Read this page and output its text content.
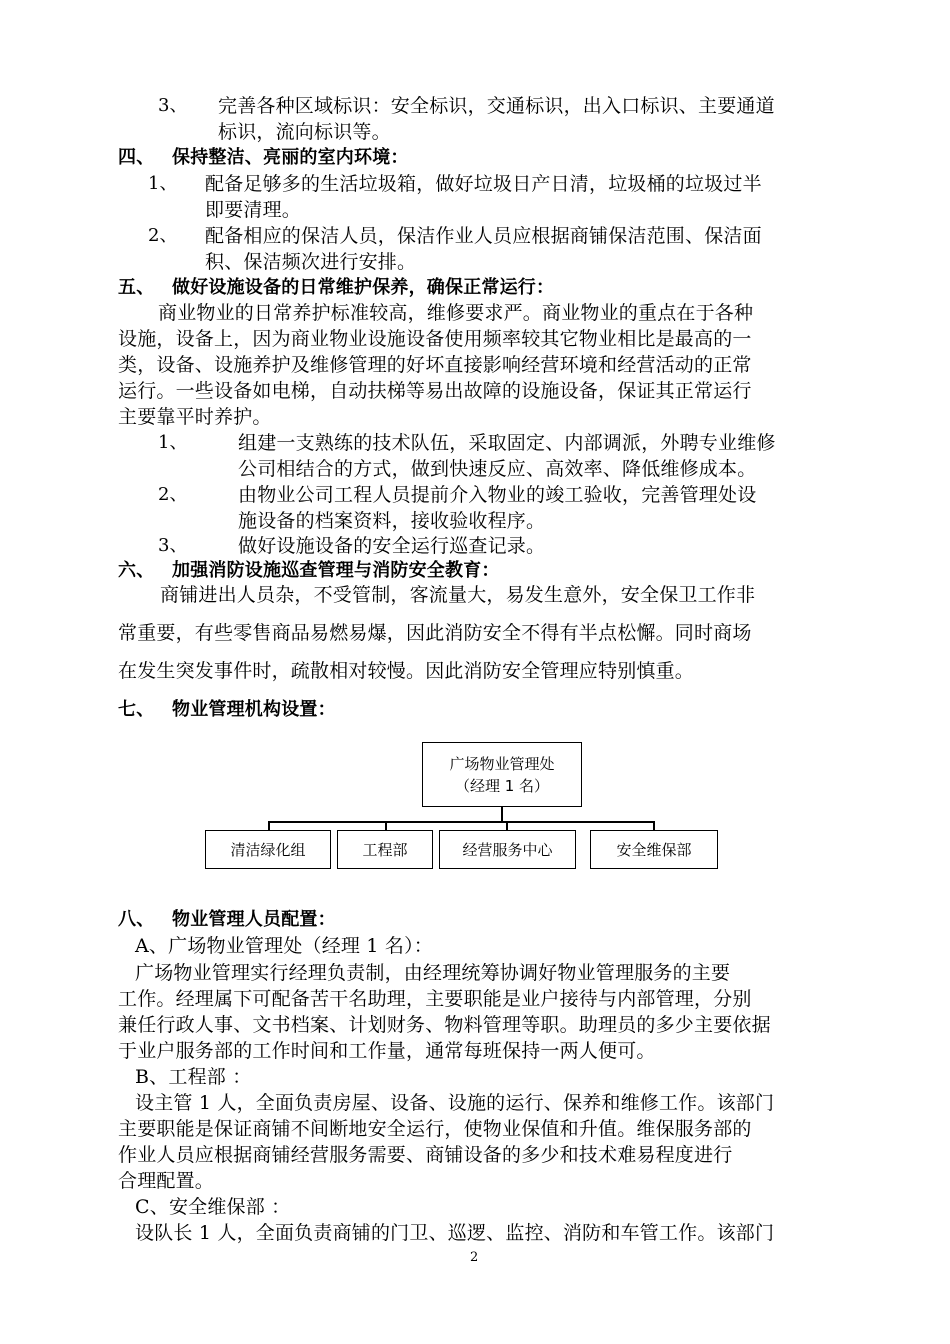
3、 完善各种区域标识：安全标识，交通标识，出入口标识、主要通道
标识，流向标识等。
四、 保持整洁、亮丽的室内环境：
1、 配备足够多的生活垃圾箱，做好垃圾日产日清，垃圾桶的垃圾过半
即要清理。
2、 配备相应的保洁人员，保洁作业人员应根据商铺保洁范围、保洁面
积、保洁频次进行安排。
五、 做好设施设备的日常维护保养，确保正常运行：
商业物业的日常养护标准较高，维修要求严。商业物业的重点在于各种
设施，设备上，因为商业物业设施设备使用频率较其它物业相比是最高的一
类，设备、设施养护及维修管理的好坏直接影响经营环境和经营活动的正常
运行。一些设备如电梯，自动扶梯等易出故障的设施设备，保证其正常运行
主要靠平时养护。
1、	组建一支熟练的技术队伍，采取固定、内部调派，外聘专业维修
公司相结合的方式，做到快速反应、高效率、降低维修成本。
2、	由物业公司工程人员提前介入物业的竣工验收，完善管理处设
施设备的档案资料，接收验收程序。
3、	做好设施设备的安全运行巡查记录。
六、 加强消防设施巡查管理与消防安全教育：
商铺进出人员杂，不受管制，客流量大，易发生意外，安全保卫工作非
常重要，有些零售商品易燃易爆，因此消防安全不得有半点松懈。同时商场
在发生突发事件时，疏散相对较慢。因此消防安全管理应特别慎重。
七、 物业管理机构设置：
广场物业管理处
（经理 1 名）
清洁绿化组	工程部	经营服务中心	安全维保部
八、 物业管理人员配置：
A、广场物业管理处（经理 1 名）：
广场物业管理实行经理负责制，由经理统筹协调好物业管理服务的主要
工作。经理属下可配备苦干名助理，主要职能是业户接待与内部管理，分别
兼任行政人事、文书档案、计划财务、物料管理等职。助理员的多少主要依据
于业户服务部的工作时间和工作量，通常每班保持一两人便可。
B、工程部 ：
设主管 1 人，全面负责房屋、设备、设施的运行、保养和维修工作。该部门
主要职能是保证商铺不间断地安全运行，使物业保值和升值。维保服务部的
作业人员应根据商铺经营服务需要、商铺设备的多少和技术难易程度进行
合理配置。
C、安全维保部 ：
设队长 1 人，全面负责商铺的门卫、巡逻、监控、消防和车管工作。该部门
2
